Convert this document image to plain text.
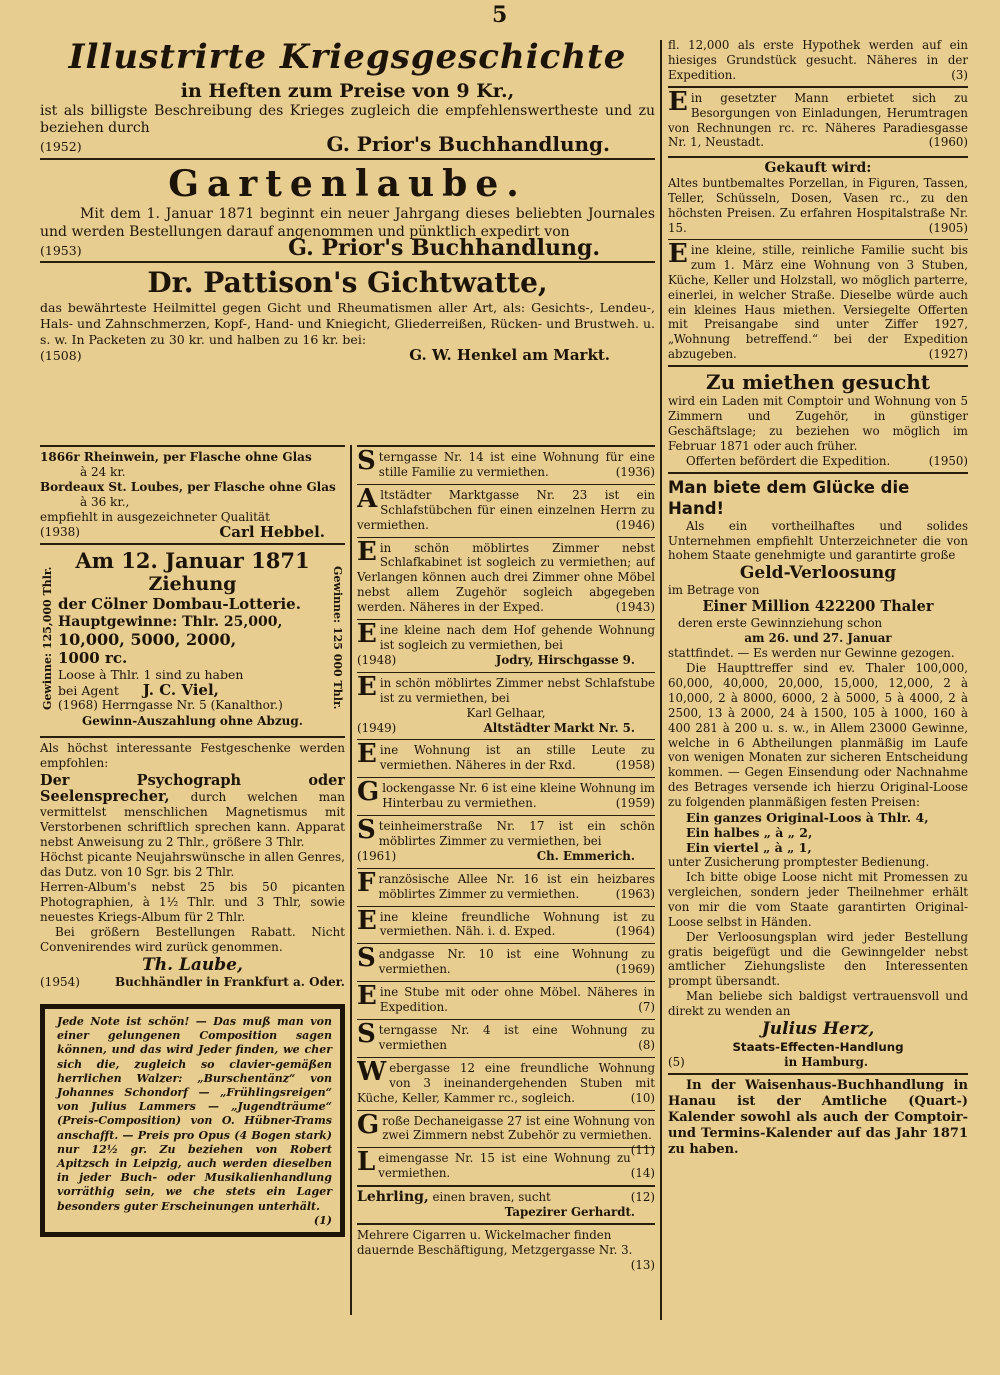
5
Illustrirte Kriegsgeschichte
in Heften zum Preise von 9 Kr.,

ist als billigste Beschreibung des Krieges zugleich die empfehlenswertheste und zu beziehen durch

(1952)	G. Prior's Buchhandlung.
Gartenlaube.

Mit dem 1. Januar 1871 beginnt ein neuer Jahrgang dieses beliebten Journales und werden Bestellungen darauf angenommen und pünktlich expedirt von

(1953)	G. Prior's Buchhandlung.
Dr. Pattison's Gichtwatte,

das bewährteste Heilmittel gegen Gicht und Rheumatismen aller Art, als: Gesichts-, Lendeu-, Hals- und Zahnschmerzen, Kopf-, Hand- und Kniegicht, Gliederreißen, Rücken- und Brustweh. u. s. w. In Packeten zu 30 kr. und halben zu 16 kr. bei:

(1508)	G. W. Henkel am Markt.
1866r Rheinwein, per Flasche ohne Glas
à 24 kr.
Bordeaux St. Loubes, per Flasche ohne Glas
à 36 kr.,
empfiehlt in ausgezeichneter Qualität
(1938)	Carl Hebbel.
Gewinne: 125,000 Thlr.	Gewinne: 125 000 Thlr.
Am 12. Januar 1871
Ziehung
der Cölner Dombau-Lotterie.
Hauptgewinne: Thlr. 25,000,
10,000, 5000, 2000,
1000 rc.
Loose à Thlr. 1 sind zu haben
bei Agent J. C. Viel,
(1968) Herrngasse Nr. 5 (Kanalthor.)
Gewinn-Auszahlung ohne Abzug.

Als höchst interessante Festgeschenke werden empfohlen:

Der Psychograph oder Seelensprecher, durch welchen man vermittelst menschlichen Magnetismus mit Verstorbenen schriftlich sprechen kann. Apparat nebst Anweisung zu 2 Thlr., größere 3 Thlr.

Höchst picante Neujahrswünsche in allen Genres, das Dutz. von 10 Sgr. bis 2 Thlr.

Herren-Album's nebst 25 bis 50 picanten Photographien, à 1½ Thlr. und 3 Thlr, sowie neuestes Kriegs-Album für 2 Thlr.

Bei größern Bestellungen Rabatt. Nicht Convenirendes wird zurück genommen.

Th. Laube,
(1954)	Buchhändler in Frankfurt a. Oder.

Jede Note ist schön! — Das muß man von einer gelungenen Composition sagen können, und das wird Jeder finden, we cher sich die, zugleich so clavier-gemäßen herrlichen Walzer: „Burschentänz“ von Johannes Schondorf — „Frühlingsreigen“ von Julius Lammers — „Jugendträume“ (Preis-Composition) von O. Hübner-Trams anschafft. — Preis pro Opus (4 Bogen stark) nur 12½ gr. Zu beziehen von Robert Apitzsch in Leipzig, auch werden dieselben in jeder Buch- oder Musikalienhandlung vorräthig sein, we che stets ein Lager besonders guter Erscheinungen unterhält.

(1)

Sterngasse Nr. 14 ist eine Wohnung für eine stille Familie zu vermiethen.	(1936)

Altstädter Marktgasse Nr. 23 ist ein Schlafstübchen für einen einzelnen Herrn zu vermiethen.	(1946)

Ein schön möblirtes Zimmer nebst Schlafkabinet ist sogleich zu vermiethen; auf Verlangen können auch drei Zimmer ohne Möbel nebst allem Zugehör sogleich abgegeben werden. Näheres in der Exped.	(1943)

Eine kleine nach dem Hof gehende Wohnung ist sogleich zu vermiethen, bei

(1948)	Jodry, Hirschgasse 9.

Ein schön möblirtes Zimmer nebst Schlafstube ist zu vermiethen, bei

Karl Gelhaar,
(1949)	Altstädter Markt Nr. 5.

Eine Wohnung ist an stille Leute zu vermiethen. Näheres in der Rxd.	(1958)

Glockengasse Nr. 6 ist eine kleine Wohnung im Hinterbau zu vermiethen.	(1959)

Steinheimerstraße Nr. 17 ist ein schön möblirtes Zimmer zu vermiethen, bei

(1961)	Ch. Emmerich.

Französische Allee Nr. 16 ist ein heizbares möblirtes Zimmer zu vermiethen.	(1963)

Eine kleine freundliche Wohnung ist zu vermiethen. Näh. i. d. Exped.	(1964)

Sandgasse Nr. 10 ist eine Wohnung zu vermiethen.	(1969)

Eine Stube mit oder ohne Möbel. Näheres in Expedition.	(7)

Sterngasse Nr. 4 ist eine Wohnung zu vermiethen	(8)

Webergasse 12 eine freundliche Wohnung von 3 ineinandergehenden Stuben mit Küche, Keller, Kammer rc., sogleich.	(10)

Große Dechaneigasse 27 ist eine Wohnung von zwei Zimmern nebst Zubehör zu vermiethen.
(11)

Leimengasse Nr. 15 ist eine Wohnung zu vermiethen.	(14)

Lehrling, einen braven, sucht	(12)
Tapezirer Gerhardt.

Mehrere Cigarren u. Wickelmacher finden dauernde Beschäftigung, Metzgergasse Nr. 3.

(13)

fl. 12,000 als erste Hypothek werden auf ein hiesiges Grundstück gesucht. Näheres in der Expedition.	(3)

Ein gesetzter Mann erbietet sich zu Besorgungen von Einladungen, Herumtragen von Rechnungen rc. rc. Näheres Paradiesgasse Nr. 1, Neustadt.	(1960)

Gekauft wird:

Altes buntbemaltes Porzellan, in Figuren, Tassen, Teller, Schüsseln, Dosen, Vasen rc., zu den höchsten Preisen. Zu erfahren Hospitalstraße Nr. 15.	(1905)

Eine kleine, stille, reinliche Familie sucht bis zum 1. März eine Wohnung von 3 Stuben, Küche, Keller und Holzstall, wo möglich parterre, einerlei, in welcher Straße. Dieselbe würde auch ein kleines Haus miethen. Versiegelte Offerten mit Preisangabe sind unter Ziffer 1927, „Wohnung betreffend.“ bei der Expedition abzugeben.	(1927)

Zu miethen gesucht

wird ein Laden mit Comptoir und Wohnung von 5 Zimmern und Zugehör, in günstiger Geschäftslage; zu beziehen wo möglich im Februar 1871 oder auch früher.

Offerten befördert die Expedition.	(1950)
Man biete dem Glücke die Hand!

Als ein vortheilhaftes und solides Unternehmen empfiehlt Unterzeichneter die von hohem Staate genehmigte und garantirte große

Geld-Verloosung
im Betrage von
Einer Million 422200 Thaler
deren erste Gewinnziehung schon
am 26. und 27. Januar

stattfindet. — Es werden nur Gewinne gezogen.

Die Haupttreffer sind ev. Thaler 100,000, 60,000, 40,000, 20,000, 15,000, 12,000, 2 à 10,000, 2 à 8000, 6000, 2 à 5000, 5 à 4000, 2 à 2500, 13 à 2000, 24 à 1500, 105 à 1000, 160 à 400 281 à 200 u. s. w., in Allem 23000 Gewinne, welche in 6 Abtheilungen planmäßig im Laufe von wenigen Monaten zur sicheren Entscheidung kommen. — Gegen Einsendung oder Nachnahme des Betrages versende ich hierzu Original-Loose zu folgenden planmäßigen festen Preisen:

Ein ganzes Original-Loos à Thlr. 4,
Ein halbes „ à „ 2,
Ein viertel „ à „ 1,

unter Zusicherung promptester Bedienung.

Ich bitte obige Loose nicht mit Promessen zu vergleichen, sondern jeder Theilnehmer erhält von mir die vom Staate garantirten Original-Loose selbst in Händen.

Der Verloosungsplan wird jeder Bestellung gratis beigefügt und die Gewinngelder nebst amtlicher Ziehungsliste den Interessenten prompt übersandt.

Man beliebe sich baldigst vertrauensvoll und direkt zu wenden an

Julius Herz,
Staats-Effecten-Handlung
(5)	in Hamburg.

In der Waisenhaus-Buchhandlung in Hanau ist der Amtliche (Quart-) Kalender sowohl als auch der Comptoir- und Termins-Kalender auf das Jahr 1871 zu haben.
